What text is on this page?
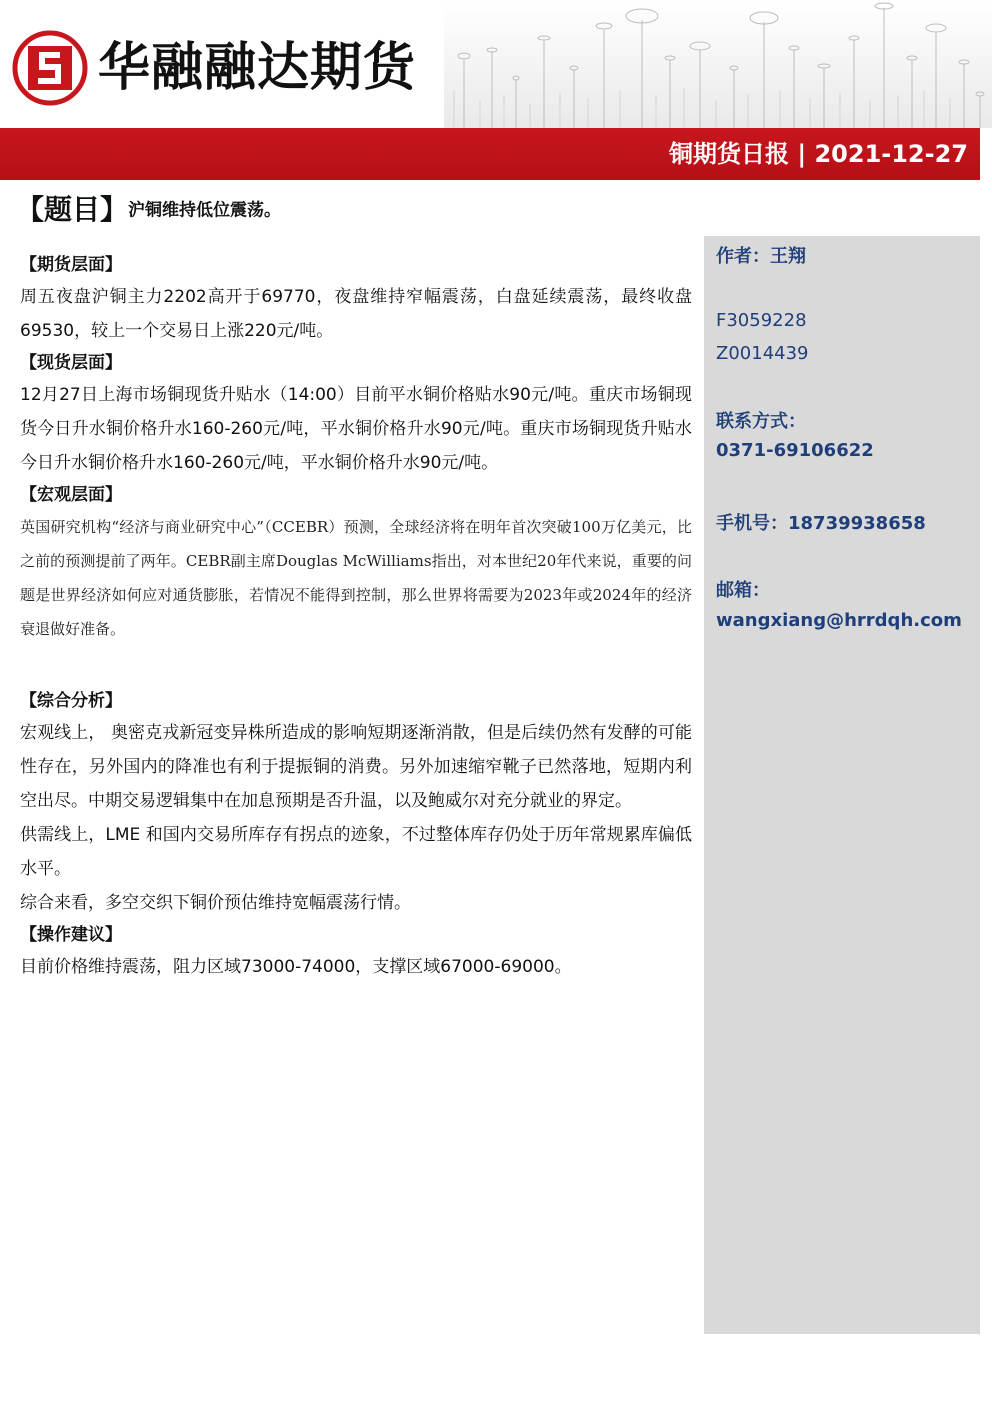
华融融达期货
铜期货日报 | 2021-12-27
【题目】沪铜维持低位震荡。

【期货层面】

周五夜盘沪铜主力2202高开于69770，夜盘维持窄幅震荡，白盘延续震荡，最终收盘69530，较上一个交易日上涨220元/吨。

【现货层面】

12月27日上海市场铜现货升贴水（14:00）目前平水铜价格贴水90元/吨。重庆市场铜现货今日升水铜价格升水160-260元/吨，平水铜价格升水90元/吨。重庆市场铜现货升贴水今日升水铜价格升水160-260元/吨，平水铜价格升水90元/吨。

【宏观层面】

英国研究机构“经济与商业研究中心”（CCEBR）预测，全球经济将在明年首次突破100万亿美元，比之前的预测提前了两年。CEBR副主席Douglas McWilliams指出，对本世纪20年代来说，重要的问题是世界经济如何应对通货膨胀，若情况不能得到控制，那么世界将需要为2023年或2024年的经济衰退做好准备。

【综合分析】

宏观线上， 奥密克戎新冠变异株所造成的影响短期逐渐消散，但是后续仍然有发酵的可能性存在，另外国内的降准也有利于提振铜的消费。另外加速缩窄靴子已然落地，短期内利空出尽。中期交易逻辑集中在加息预期是否升温，以及鲍威尔对充分就业的界定。

供需线上，LME 和国内交易所库存有拐点的迹象，不过整体库存仍处于历年常规累库偏低水平。

综合来看，多空交织下铜价预估维持宽幅震荡行情。

【操作建议】

目前价格维持震荡，阻力区域73000-74000，支撑区域67000-69000。

作者：王翔
F3059228
Z0014439
联系方式：
0371-69106622
手机号：18739938658
邮箱：
wangxiang@hrrdqh.com
